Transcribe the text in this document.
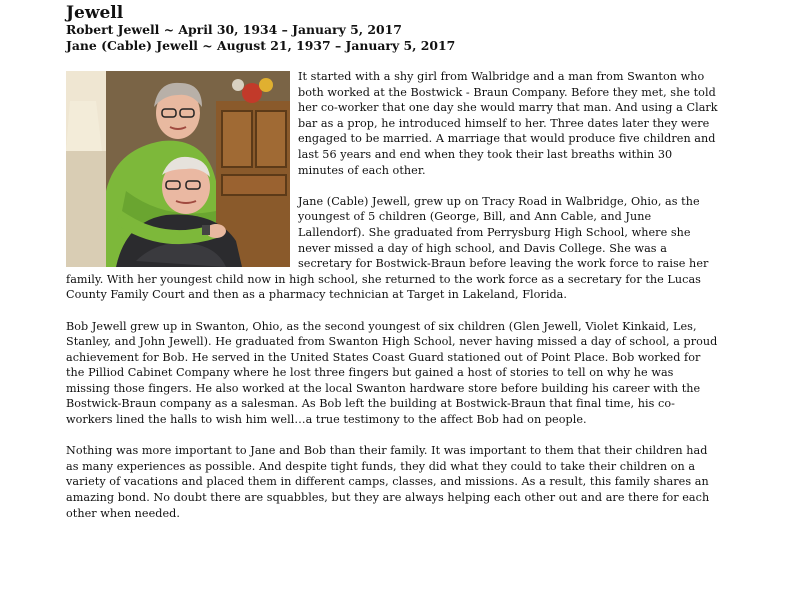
Jewell

Robert Jewell ~ April 30, 1934 – January 5, 2017

Jane (Cable) Jewell ~ August 21, 1937 – January 5, 2017

It started with a shy girl from Walbridge and a man from Swanton who both worked at the Bostwick - Braun Company. Before they met, she told her co-worker that one day she would marry that man. And using a Clark bar as a prop, he introduced himself to her. Three dates later they were engaged to be married. A marriage that would produce five children and last 56 years and end when they took their last breaths within 30 minutes of each other.

Jane (Cable) Jewell, grew up on Tracy Road in Walbridge, Ohio, as the youngest of 5 children (George, Bill, and Ann Cable, and June Lallendorf). She graduated from Perrysburg High School, where she never missed a day of high school, and Davis College. She was a secretary for Bostwick-Braun before leaving the work force to raise her family. With her youngest child now in high school, she returned to the work force as a secretary for the Lucas County Family Court and then as a pharmacy technician at Target in Lakeland, Florida.

Bob Jewell grew up in Swanton, Ohio, as the second youngest of six children (Glen Jewell, Violet Kinkaid, Les, Stanley, and John Jewell). He graduated from Swanton High School, never having missed a day of school, a proud achievement for Bob. He served in the United States Coast Guard stationed out of Point Place. Bob worked for the Pilliod Cabinet Company where he lost three fingers but gained a host of stories to tell on why he was missing those fingers. He also worked at the local Swanton hardware store before building his career with the Bostwick-Braun company as a salesman. As Bob left the building at Bostwick-Braun that final time, his co-workers lined the halls to wish him well…a true testimony to the affect Bob had on people.

Nothing was more important to Jane and Bob than their family. It was important to them that their children had as many experiences as possible. And despite tight funds, they did what they could to take their children on a variety of vacations and placed them in different camps, classes, and missions. As a result, this family shares an amazing bond. No doubt there are squabbles, but they are always helping each other out and are there for each other when needed.
